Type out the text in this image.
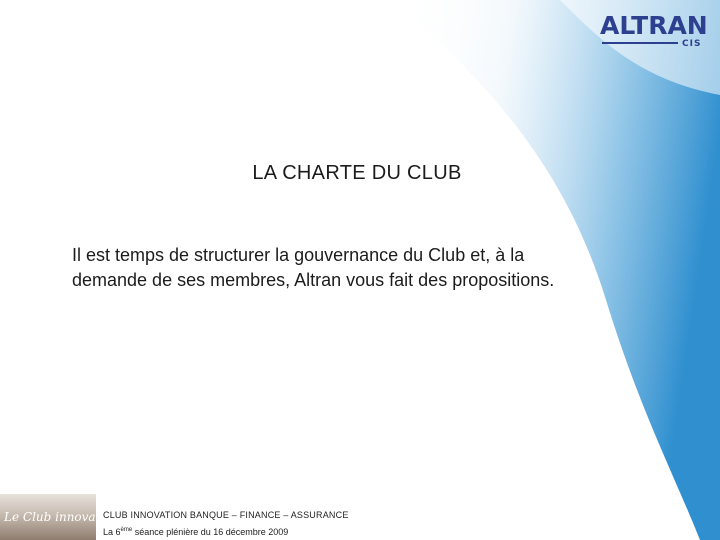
ALTRAN
CIS
LA CHARTE DU CLUB
Il est temps de structurer la gouvernance du Club et, à la
demande de ses membres, Altran vous fait des propositions.
Le Club innovation
CLUB INNOVATION BANQUE – FINANCE – ASSURANCE
La 6ème séance plénière du 16 décembre 2009
